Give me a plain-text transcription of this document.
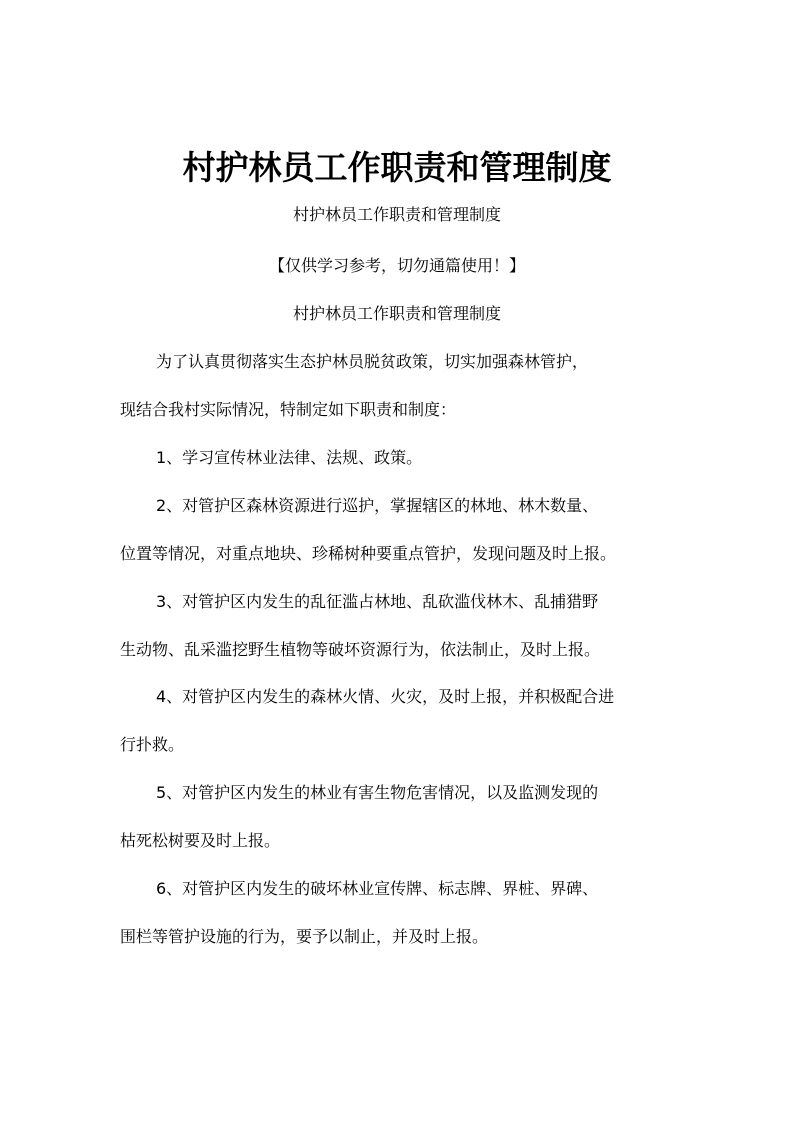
村护林员工作职责和管理制度
村护林员工作职责和管理制度
【仅供学习参考，切勿通篇使用！】
村护林员工作职责和管理制度
为了认真贯彻落实生态护林员脱贫政策，切实加强森林管护，
现结合我村实际情况，特制定如下职责和制度：
1、学习宣传林业法律、法规、政策。
2、对管护区森林资源进行巡护，掌握辖区的林地、林木数量、
位置等情况，对重点地块、珍稀树种要重点管护，发现问题及时上报。
3、对管护区内发生的乱征滥占林地、乱砍滥伐林木、乱捕猎野
生动物、乱采滥挖野生植物等破坏资源行为，依法制止，及时上报。
4、对管护区内发生的森林火情、火灾，及时上报，并积极配合进
行扑救。
5、对管护区内发生的林业有害生物危害情况，以及监测发现的
枯死松树要及时上报。
6、对管护区内发生的破坏林业宣传牌、标志牌、界桩、界碑、
围栏等管护设施的行为，要予以制止，并及时上报。
